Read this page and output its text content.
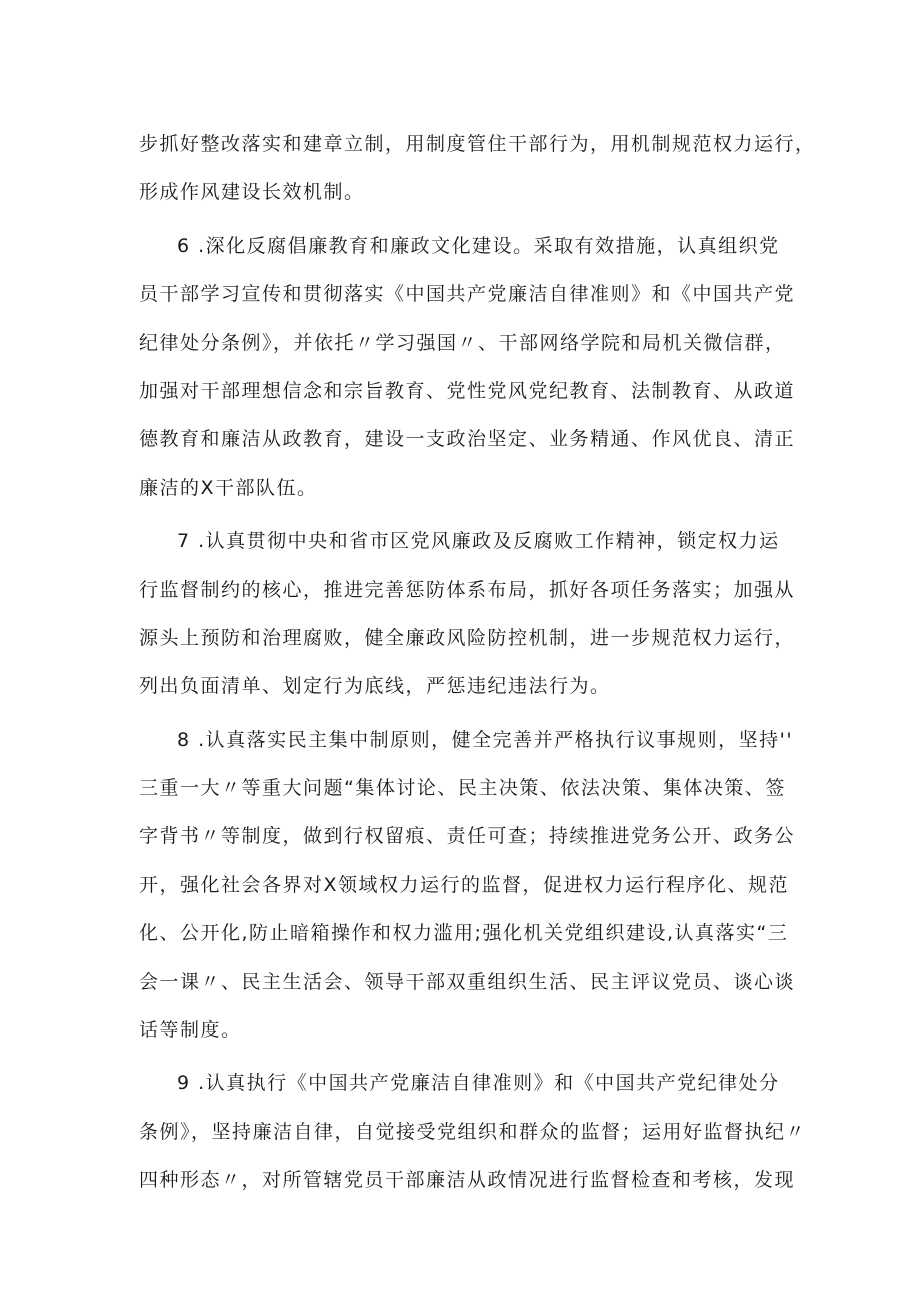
步抓好整改落实和建章立制，用制度管住干部行为，用机制规范权力运行，
形成作风建设长效机制。
6 .深化反腐倡廉教育和廉政文化建设。采取有效措施，认真组织党
员干部学习宣传和贯彻落实《中国共产党廉洁自律准则》和《中国共产党
纪律处分条例》，并依托〃学习强国〃、干部网络学院和局机关微信群，
加强对干部理想信念和宗旨教育、党性党风党纪教育、法制教育、从政道
德教育和廉洁从政教育，建设一支政治坚定、业务精通、作风优良、清正
廉洁的X干部队伍。
7 .认真贯彻中央和省市区党风廉政及反腐败工作精神，锁定权力运
行监督制约的核心，推进完善惩防体系布局，抓好各项任务落实；加强从
源头上预防和治理腐败，健全廉政风险防控机制，进一步规范权力运行，
列出负面清单、划定行为底线，严惩违纪违法行为。
8 .认真落实民主集中制原则，健全完善并严格执行议事规则，坚持''
三重一大〃等重大问题“集体讨论、民主决策、依法决策、集体决策、签
字背书〃等制度，做到行权留痕、责任可查；持续推进党务公开、政务公
开，强化社会各界对X领域权力运行的监督，促进权力运行程序化、规范
化、公开化,防止暗箱操作和权力滥用;强化机关党组织建设,认真落实“三
会一课〃、民主生活会、领导干部双重组织生活、民主评议党员、谈心谈
话等制度。
9 .认真执行《中国共产党廉洁自律准则》和《中国共产党纪律处分
条例》，坚持廉洁自律，自觉接受党组织和群众的监督；运用好监督执纪〃
四种形态〃，对所管辖党员干部廉洁从政情况进行监督检查和考核，发现
